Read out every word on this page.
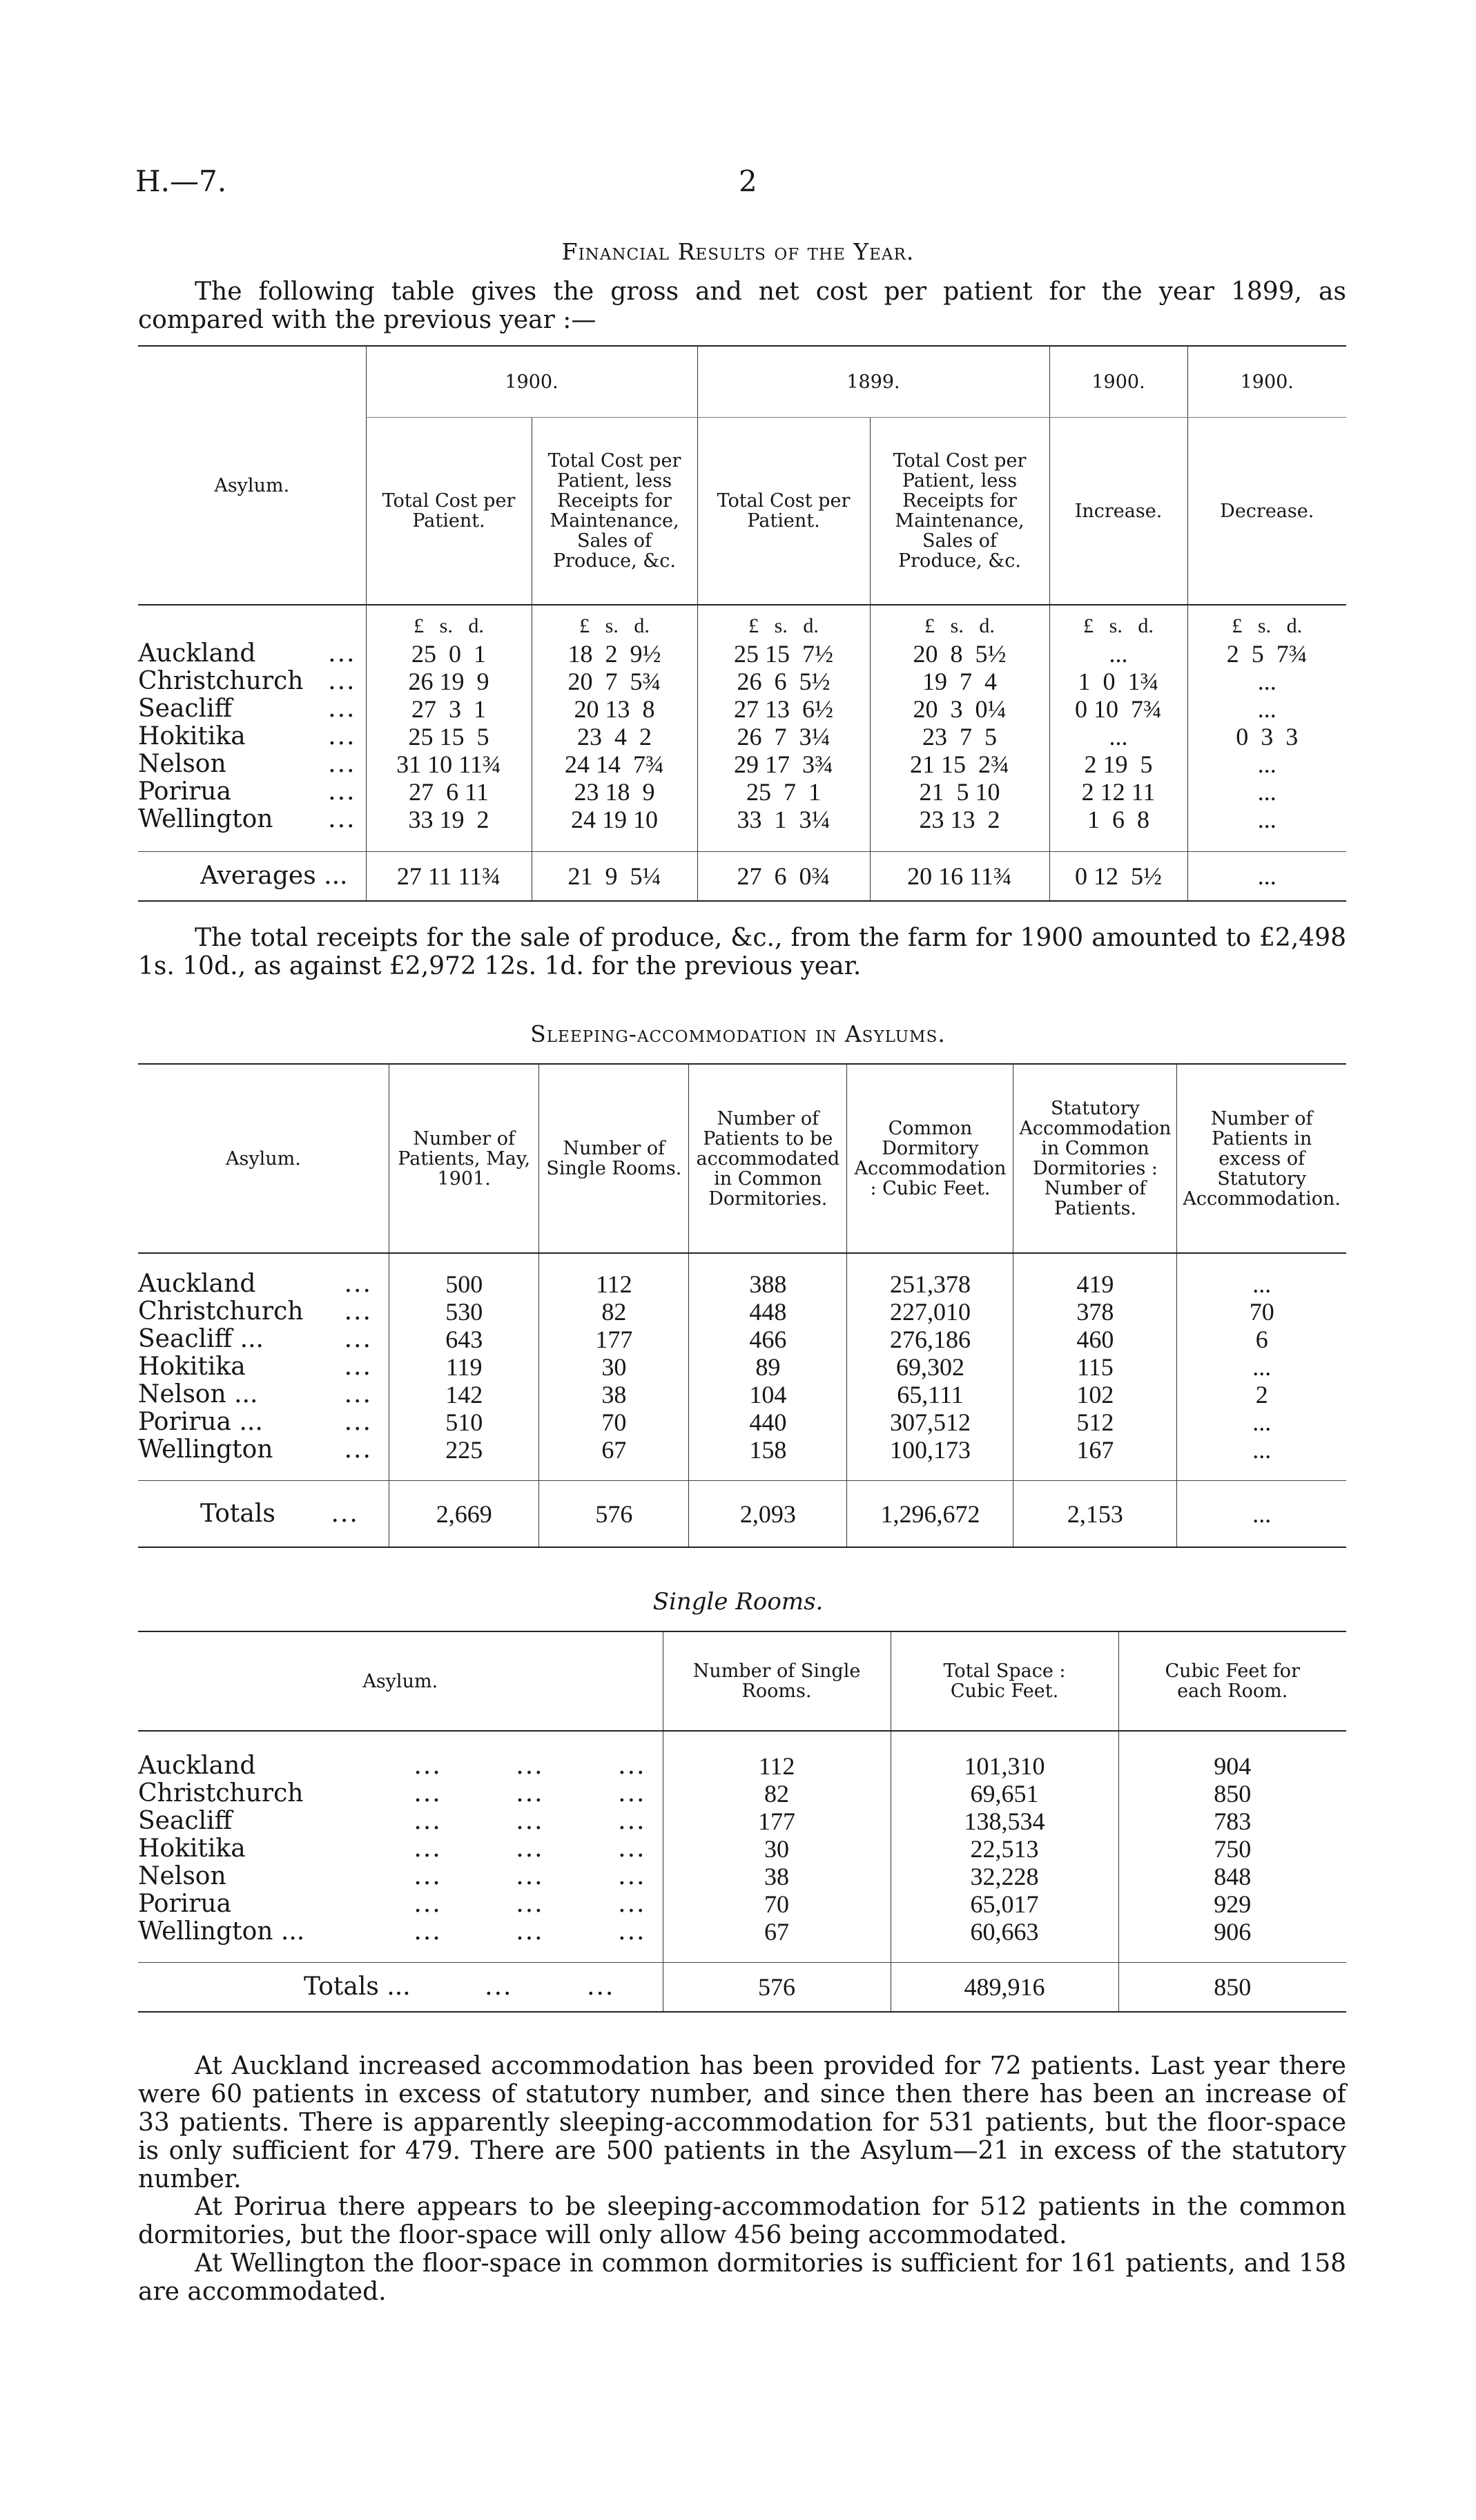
H.—7.	2
Financial Results of the Year.
The following table gives the gross and net cost per patient for the year 1899, as compared with the previous year :—
Asylum.	1900.		1899.		1900.	1900.
	Total Cost per Patient.	Total Cost per Patient, less Receipts for Maintenance, Sales of Produce, &c.	Total Cost per Patient.	Total Cost per Patient, less Receipts for Maintenance, Sales of Produce, &c.	Increase.	Decrease.
	£   s.   d.	£   s.   d.	£   s.   d.	£   s.   d.	£   s.   d.	£   s.   d.
Auckland ...	25  0  1	18  2  9½	25 15  7½	20  8  5½	...	2  5  7¾
Christchurch ...	26 19  9	20  7  5¾	26  6  5½	19  7  4	1  0  1¾	...
Seacliff ...	27  3  1	20 13  8	27 13  6½	20  3  0¼	0 10  7¾	...
Hokitika ...	25 15  5	23  4  2	26  7  3¼	23  7  5	...	0  3  3
Nelson ...	31 10 11¾	24 14  7¾	29 17  3¾	21 15  2¾	2 19  5	...
Porirua ...	27  6 11	23 18  9	25  7  1	21  5 10	2 12 11	...
Wellington ...	33 19  2	24 19 10	33  1  3¼	23 13  2	1  6  8	...

Averages ...	27 11 11¾	21  9  5¼	27  6  0¾	20 16 11¾	0 12  5½	...
The total receipts for the sale of produce, &c., from the farm for 1900 amounted to £2,498 1s. 10d., as against £2,972 12s. 1d. for the previous year.
Sleeping-accommodation in Asylums.
Asylum.	Number of Patients, May, 1901.	Number of Single Rooms.	Number of Patients to be accommodated in Common Dormitories.	Common Dormitory Accommodation : Cubic Feet.	Statutory Accommodation in Common Dormitories : Number of Patients.	Number of Patients in excess of Statutory Accommodation.

Auckland ...	500	112	388	251,378	419	...
Christchurch ...	530	82	448	227,010	378	70
Seacliff ... ...	643	177	466	276,186	460	6
Hokitika ...	119	30	89	69,302	115	...
Nelson ... ...	142	38	104	65,111	102	2
Porirua ... ...	510	70	440	307,512	512	...
Wellington ...	225	67	158	100,173	167	...

Totals      ...	2,669	576	2,093	1,296,672	2,153	...
Single Rooms.
Asylum.	Number of Single Rooms.	Total Space : Cubic Feet.	Cubic Feet for each Room.

Auckland ...        ...        ...	112	101,310	904
Christchurch ...        ...        ...	82	69,651	850
Seacliff ...        ...        ...	177	138,534	783
Hokitika ...        ...        ...	30	22,513	750
Nelson ...        ...        ...	38	32,228	848
Porirua ...        ...        ...	70	65,017	929
Wellington ... ...        ...        ...	67	60,663	906

Totals ...        ...        ...	576	489,916	850
At Auckland increased accommodation has been provided for 72 patients. Last year there were 60 patients in excess of statutory number, and since then there has been an increase of 33 patients. There is apparently sleeping-accommodation for 531 patients, but the floor-space is only sufficient for 479. There are 500 patients in the Asylum—21 in excess of the statutory number.
At Porirua there appears to be sleeping-accommodation for 512 patients in the common dormitories, but the floor-space will only allow 456 being accommodated.
At Wellington the floor-space in common dormitories is sufficient for 161 patients, and 158 are accommodated.
